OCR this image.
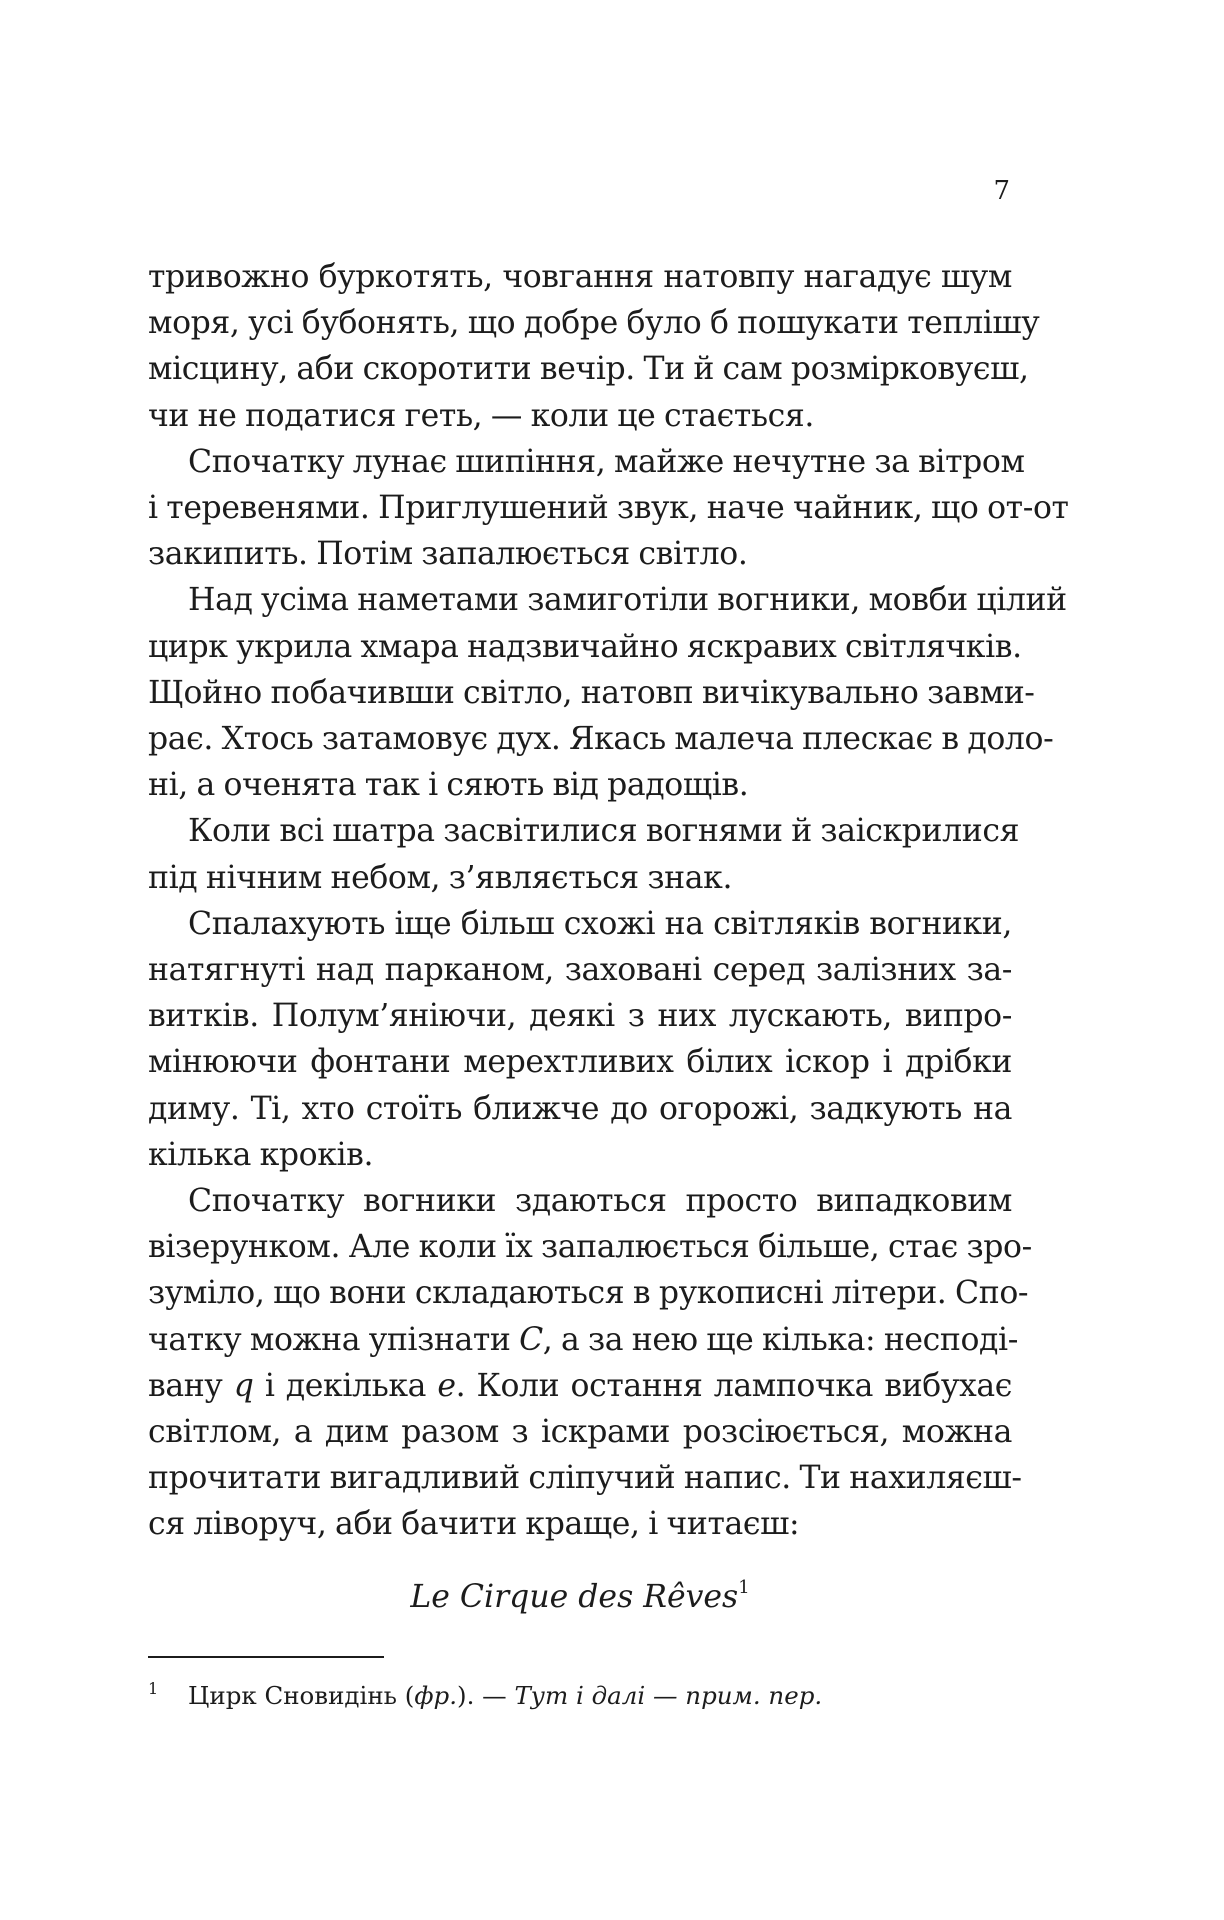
7
тривожно буркотять, човгання натовпу нагадує шум
моря, усі бубонять, що добре було б пошукати теплішу
місцину, аби скоротити вечір. Ти й сам розмірковуєш,
чи не податися геть, — коли це стається.
Спочатку лунає шипіння, майже нечутне за вітром
і теревенями. Приглушений звук, наче чайник, що от-от
закипить. Потім запалюється світло.
Над усіма наметами замиготіли вогники, мовби цілий
цирк укрила хмара надзвичайно яскравих світлячків.
Щойно побачивши світло, натовп вичікувально завми-
рає. Хтось затамовує дух. Якась малеча плескає в доло-
ні, а оченята так і сяють від радощів.
Коли всі шатра засвітилися вогнями й заіскрилися
під нічним небом, з’являється знак.
Спалахують іще більш схожі на світляків вогники,
натягнуті над парканом, заховані серед залізних за-
витків. Полум’яніючи, деякі з них лускають, випро-
мінюючи фонтани мерехтливих білих іскор і дрібки
диму. Ті, хто стоїть ближче до огорожі, задкують на
кілька кроків.
Спочатку вогники здаються просто випадковим
візерунком. Але коли їх запалюється більше, стає зро-
зуміло, що вони складаються в рукописні літери. Спо-
чатку можна упізнати C, а за нею ще кілька: несподі-
вану q і декілька e. Коли остання лампочка вибухає
світлом, а дим разом з іскрами розсіюється, можна
прочитати вигадливий сліпучий напис. Ти нахиляєш-
ся ліворуч, аби бачити краще, і читаєш:
Le Cirque des Rêves$^1$
1 Цирк Сновидінь (фр.). — Тут і далі — прим. пер.
